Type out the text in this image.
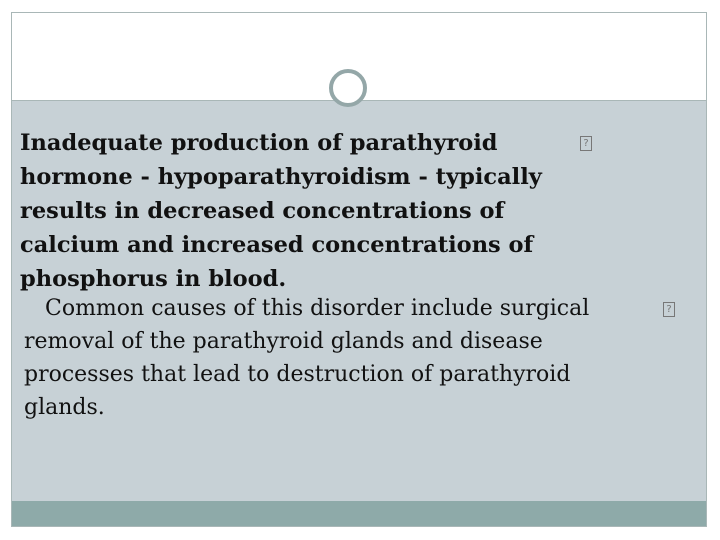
Inadequate production of parathyroid
hormone - hypoparathyroidism - typically
results in decreased concentrations of
calcium and increased concentrations of
phosphorus in blood.
?
Common causes of this disorder include surgical
removal of the parathyroid glands and disease
processes that lead to destruction of parathyroid
glands.
?
